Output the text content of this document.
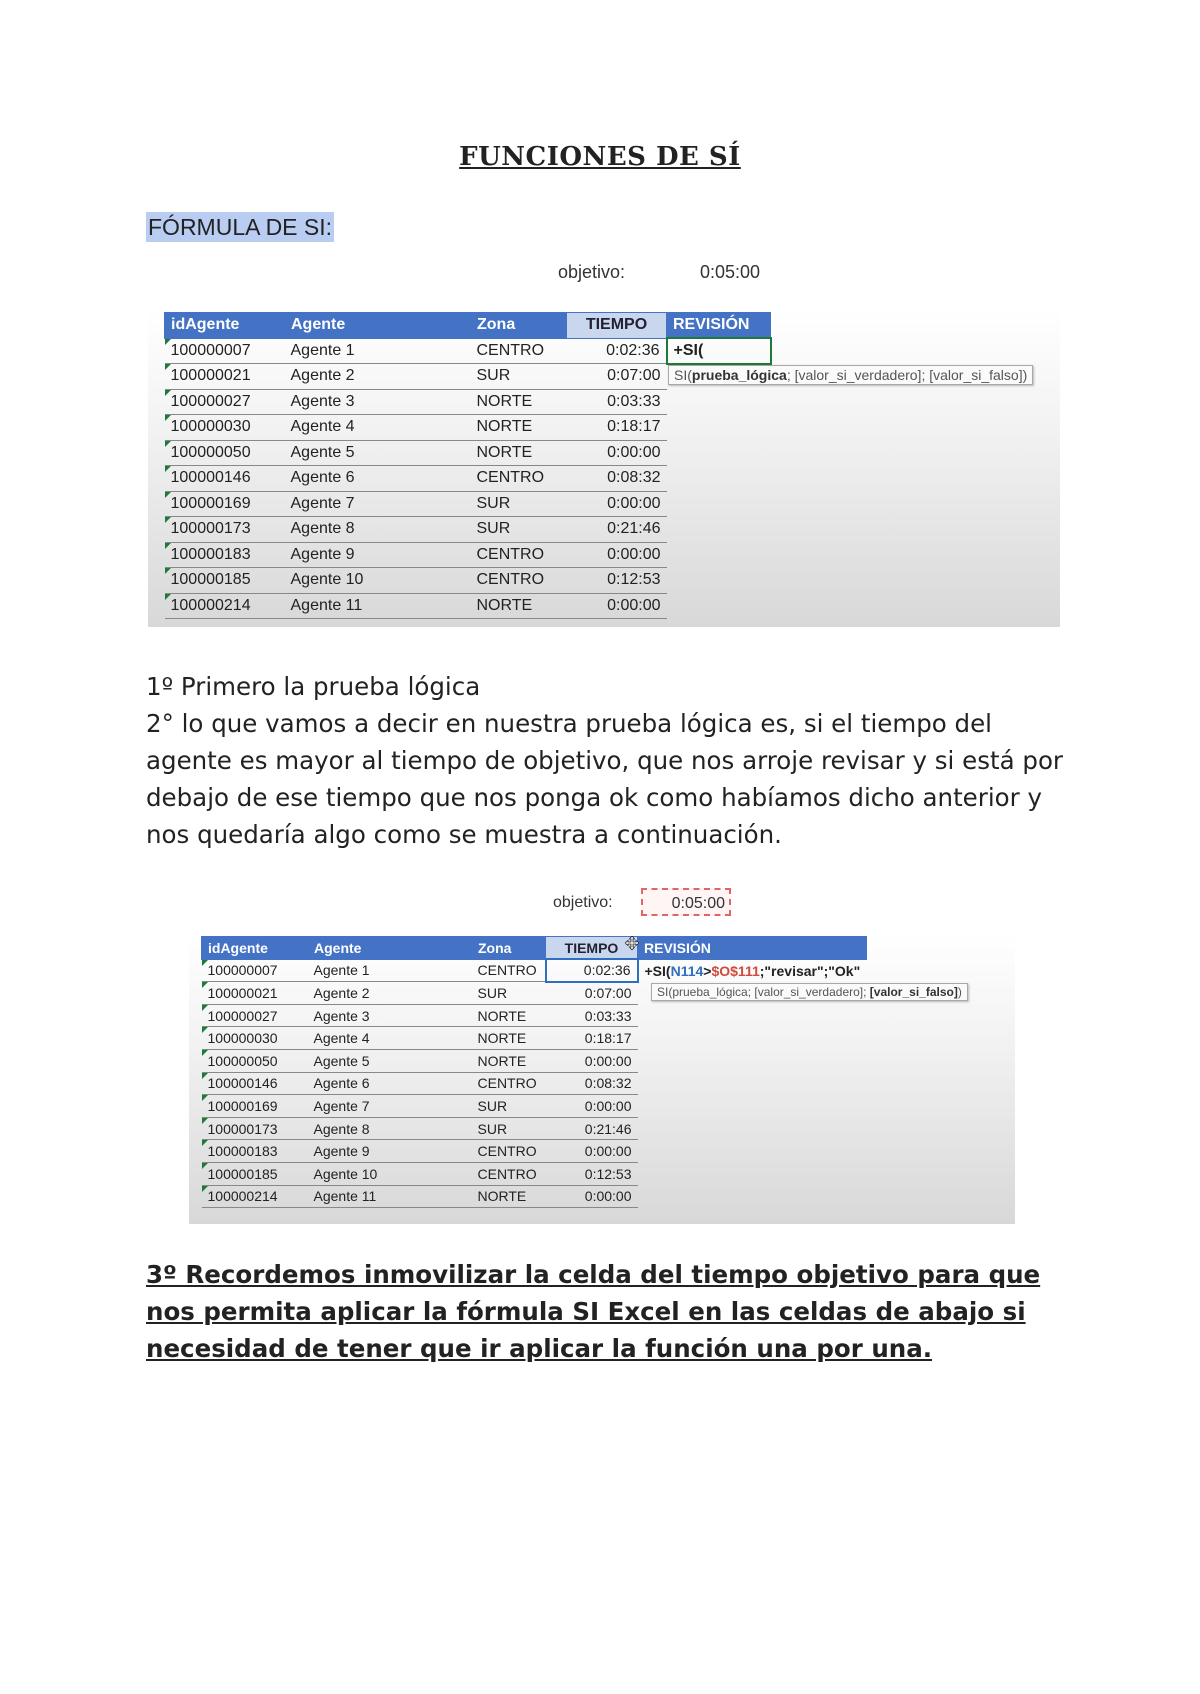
FUNCIONES DE SÍ
FÓRMULA DE SI:
objetivo:	0:05:00
idAgente	Agente	Zona	TIEMPO	REVISIÓN
100000007	Agente 1	CENTRO	0:02:36	+SI(
100000021	Agente 2	SUR	0:07:00	
100000027	Agente 3	NORTE	0:03:33	
100000030	Agente 4	NORTE	0:18:17	
100000050	Agente 5	NORTE	0:00:00	
100000146	Agente 6	CENTRO	0:08:32	
100000169	Agente 7	SUR	0:00:00	
100000173	Agente 8	SUR	0:21:46	
100000183	Agente 9	CENTRO	0:00:00	
100000185	Agente 10	CENTRO	0:12:53	
100000214	Agente 11	NORTE	0:00:00	
SI(prueba_lógica; [valor_si_verdadero]; [valor_si_falso])

1º Primero la prueba lógica

2° lo que vamos a decir en nuestra prueba lógica es, si el tiempo del agente es mayor al tiempo de objetivo, que nos arroje revisar y si está por debajo de ese tiempo que nos ponga ok como habíamos dicho anterior y nos quedaría algo como se muestra a continuación.

objetivo:	0:05:00
idAgente	Agente	Zona	TIEMPO	REVISIÓN
100000007	Agente 1	CENTRO	0:02:36	+SI(N114>$O$111;"revisar";"Ok"
100000021	Agente 2	SUR	0:07:00	
100000027	Agente 3	NORTE	0:03:33	
100000030	Agente 4	NORTE	0:18:17	
100000050	Agente 5	NORTE	0:00:00	
100000146	Agente 6	CENTRO	0:08:32	
100000169	Agente 7	SUR	0:00:00	
100000173	Agente 8	SUR	0:21:46	
100000183	Agente 9	CENTRO	0:00:00	
100000185	Agente 10	CENTRO	0:12:53	
100000214	Agente 11	NORTE	0:00:00	
SI(prueba_lógica; [valor_si_verdadero]; [valor_si_falso])
3º Recordemos inmovilizar la celda del tiempo objetivo para que nos permita aplicar la fórmula SI Excel en las celdas de abajo si necesidad de tener que ir aplicar la función una por una.
